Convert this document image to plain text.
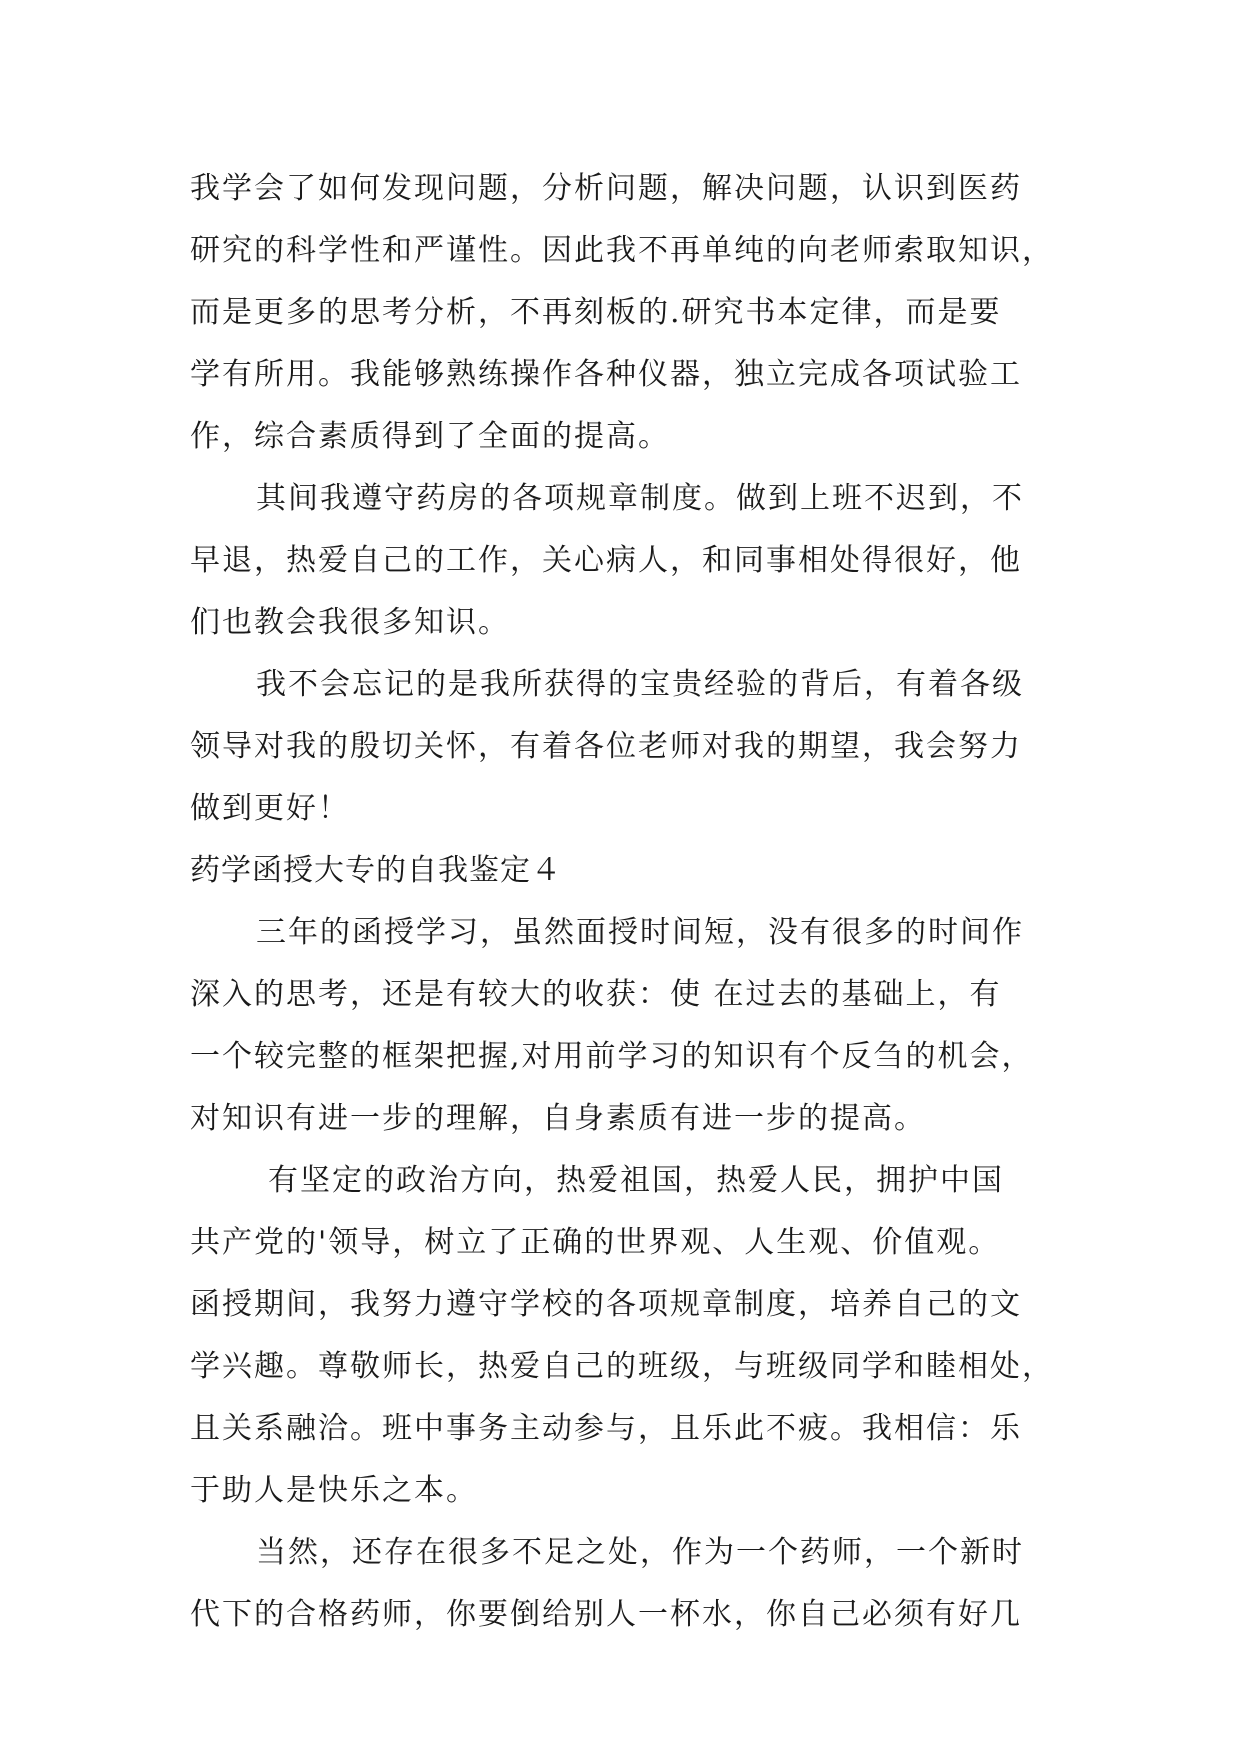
我学会了如何发现问题，分析问题，解决问题，认识到医药
研究的科学性和严谨性。因此我不再单纯的向老师索取知识，
而是更多的思考分析，不再刻板的.研究书本定律，而是要
学有所用。我能够熟练操作各种仪器，独立完成各项试验工
作，综合素质得到了全面的提高。
其间我遵守药房的各项规章制度。做到上班不迟到，不
早退，热爱自己的工作，关心病人，和同事相处得很好，他
们也教会我很多知识。
我不会忘记的是我所获得的宝贵经验的背后，有着各级
领导对我的殷切关怀，有着各位老师对我的期望，我会努力
做到更好！
药学函授大专的自我鉴定４
三年的函授学习，虽然面授时间短，没有很多的时间作
深入的思考，还是有较大的收获：使 在过去的基础上，有
一个较完整的框架把握,对用前学习的知识有个反刍的机会，
对知识有进一步的理解，自身素质有进一步的提高。
有坚定的政治方向，热爱祖国，热爱人民，拥护中国
共产党的'领导，树立了正确的世界观、人生观、价值观。
函授期间，我努力遵守学校的各项规章制度，培养自己的文
学兴趣。尊敬师长，热爱自己的班级，与班级同学和睦相处，
且关系融洽。班中事务主动参与，且乐此不疲。我相信：乐
于助人是快乐之本。
当然，还存在很多不足之处，作为一个药师，一个新时
代下的合格药师，你要倒给别人一杯水，你自己必须有好几
